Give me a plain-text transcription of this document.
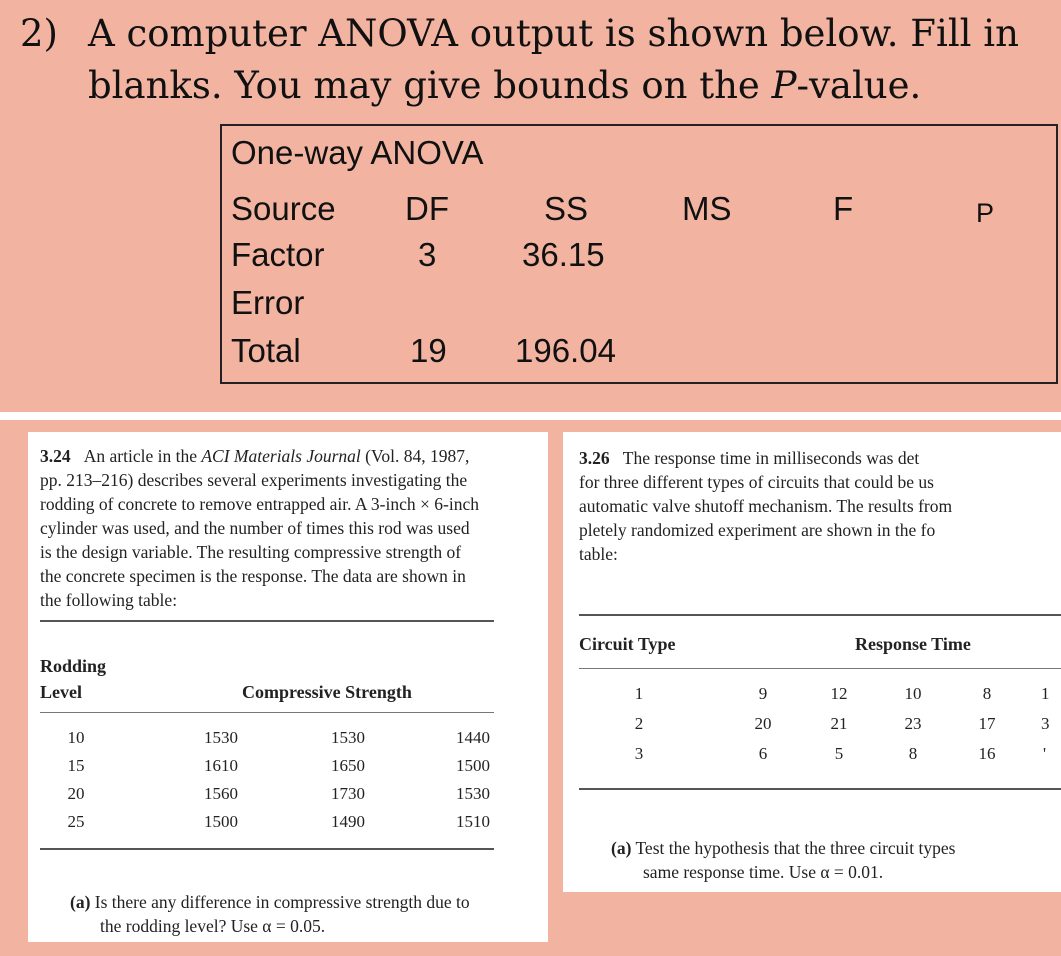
2) A computer ANOVA output is shown below. Fill in
blanks. You may give bounds on the P-value.
One-way ANOVA
Source DF	SS	MS	F	P
Factor	3	36.15
Error
Total	19 196.04
3.24 An article in the ACI Materials Journal (Vol. 84, 1987,
pp. 213–216) describes several experiments investigating the
rodding of concrete to remove entrapped air. A 3-inch × 6-inch
cylinder was used, and the number of times this rod was used
is the design variable. The resulting compressive strength of
the concrete specimen is the response. The data are shown in
the following table:
Rodding
Level	Compressive Strength
10	1530	1530	1440
15	1610	1650	1500
20	1560	1730	1530
25	1500	1490	1510
(a) Is there any difference in compressive strength due to
the rodding level? Use α = 0.05.
3.26 The response time in milliseconds was det
for three different types of circuits that could be us
automatic valve shutoff mechanism. The results from
pletely randomized experiment are shown in the fo
table:
Circuit Type	Response Time
1	9	12	10	8	1
2	20	21	23	17	3
3	6	5	8	16	'
(a) Test the hypothesis that the three circuit types
same response time. Use α = 0.01.
